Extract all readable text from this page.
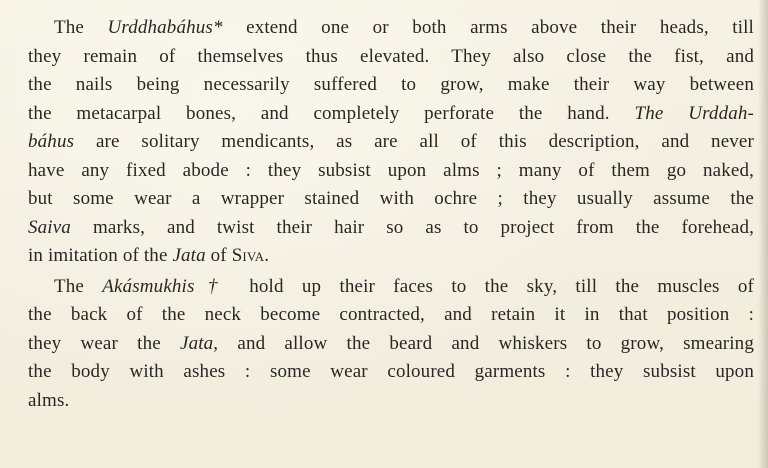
The Urddhabáhus* extend one or both arms above their heads, till
they remain of themselves thus elevated. They also close the fist, and
the nails being necessarily suffered to grow, make their way between
the metacarpal bones, and completely perforate the hand. The Urddah-
báhus are solitary mendicants, as are all of this description, and never
have any fixed abode : they subsist upon alms ; many of them go naked,
but some wear a wrapper stained with ochre ; they usually assume the
Saiva marks, and twist their hair so as to project from the forehead,
in imitation of the Jata of Siva.
The Akásmukhis† hold up their faces to the sky, till the muscles of
the back of the neck become contracted, and retain it in that position :
they wear the Jata, and allow the beard and whiskers to grow, smearing
the body with ashes : some wear coloured garments : they subsist upon
alms.
